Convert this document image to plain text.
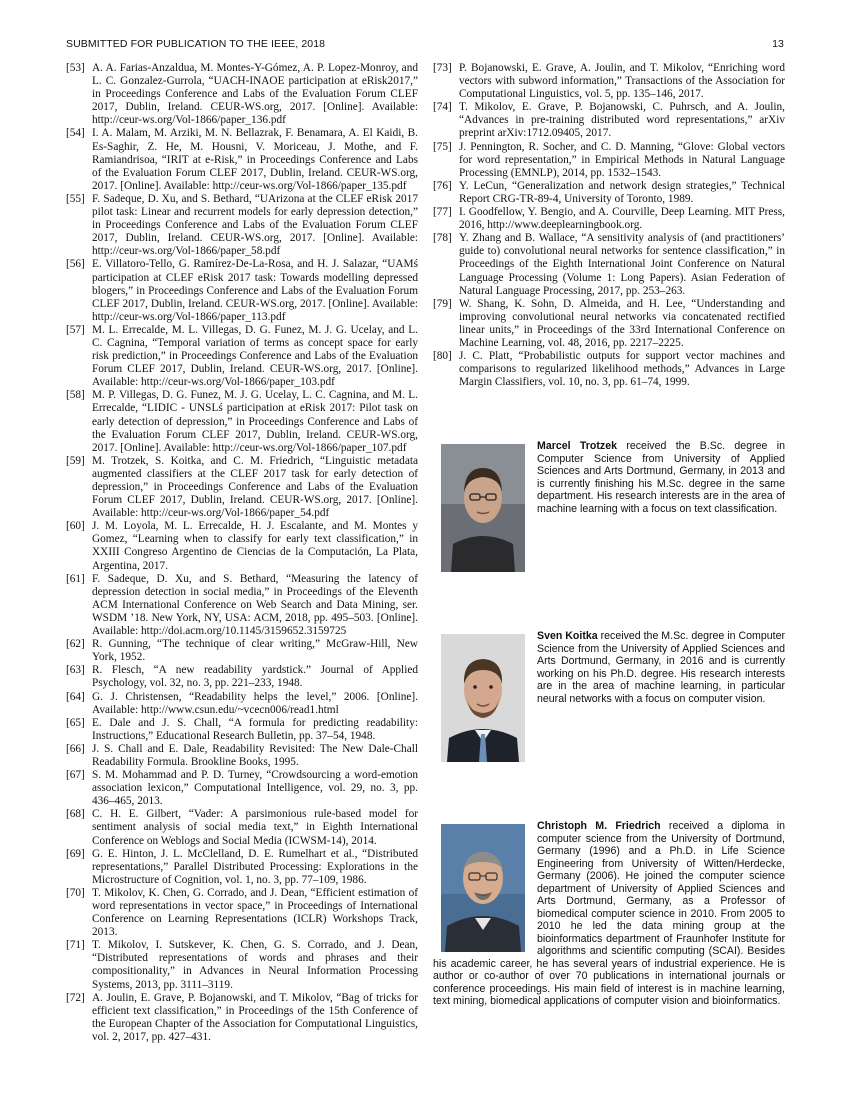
SUBMITTED FOR PUBLICATION TO THE IEEE, 2018	13
[53] A. A. Farias-Anzaldua, M. Montes-Y-Gómez, A. P. Lopez-Monroy, and L. C. Gonzalez-Gurrola, “UACH-INAOE participation at eRisk2017,” in Proceedings Conference and Labs of the Evaluation Forum CLEF 2017, Dublin, Ireland. CEUR-WS.org, 2017. [Online]. Available: http://ceur-ws.org/Vol-1866/paper_136.pdf
[54] I. A. Malam, M. Arziki, M. N. Bellazrak, F. Benamara, A. El Kaidi, B. Es-Saghir, Z. He, M. Housni, V. Moriceau, J. Mothe, and F. Ramiandrisoa, “IRIT at e-Risk,” in Proceedings Conference and Labs of the Evaluation Forum CLEF 2017, Dublin, Ireland. CEUR-WS.org, 2017. [Online]. Available: http://ceur-ws.org/Vol-1866/paper_135.pdf
[55] F. Sadeque, D. Xu, and S. Bethard, “UArizona at the CLEF eRisk 2017 pilot task: Linear and recurrent models for early depression detection,” in Proceedings Conference and Labs of the Evaluation Forum CLEF 2017, Dublin, Ireland. CEUR-WS.org, 2017. [Online]. Available: http://ceur-ws.org/Vol-1866/paper_58.pdf
[56] E. Villatoro-Tello, G. Ramírez-De-La-Rosa, and H. J. Salazar, “UAMś participation at CLEF eRisk 2017 task: Towards modelling depressed blogers,” in Proceedings Conference and Labs of the Evaluation Forum CLEF 2017, Dublin, Ireland. CEUR-WS.org, 2017. [Online]. Available: http://ceur-ws.org/Vol-1866/paper_113.pdf
[57] M. L. Errecalde, M. L. Villegas, D. G. Funez, M. J. G. Ucelay, and L. C. Cagnina, “Temporal variation of terms as concept space for early risk prediction,” in Proceedings Conference and Labs of the Evaluation Forum CLEF 2017, Dublin, Ireland. CEUR-WS.org, 2017. [Online]. Available: http://ceur-ws.org/Vol-1866/paper_103.pdf
[58] M. P. Villegas, D. G. Funez, M. J. G. Ucelay, L. C. Cagnina, and M. L. Errecalde, “LIDIC - UNSLś participation at eRisk 2017: Pilot task on early detection of depression,” in Proceedings Conference and Labs of the Evaluation Forum CLEF 2017, Dublin, Ireland. CEUR-WS.org, 2017. [Online]. Available: http://ceur-ws.org/Vol-1866/paper_107.pdf
[59] M. Trotzek, S. Koitka, and C. M. Friedrich, “Linguistic metadata augmented classifiers at the CLEF 2017 task for early detection of depression,” in Proceedings Conference and Labs of the Evaluation Forum CLEF 2017, Dublin, Ireland. CEUR-WS.org, 2017. [Online]. Available: http://ceur-ws.org/Vol-1866/paper_54.pdf
[60] J. M. Loyola, M. L. Errecalde, H. J. Escalante, and M. Montes y Gomez, “Learning when to classify for early text classification,” in XXIII Congreso Argentino de Ciencias de la Computación, La Plata, Argentina, 2017.
[61] F. Sadeque, D. Xu, and S. Bethard, “Measuring the latency of depression detection in social media,” in Proceedings of the Eleventh ACM International Conference on Web Search and Data Mining, ser. WSDM ’18. New York, NY, USA: ACM, 2018, pp. 495–503. [Online]. Available: http://doi.acm.org/10.1145/3159652.3159725
[62] R. Gunning, “The technique of clear writing,” McGraw-Hill, New York, 1952.
[63] R. Flesch, “A new readability yardstick.” Journal of Applied Psychology, vol. 32, no. 3, pp. 221–233, 1948.
[64] G. J. Christensen, “Readability helps the level,” 2006. [Online]. Available: http://www.csun.edu/~vcecn006/read1.html
[65] E. Dale and J. S. Chall, “A formula for predicting readability: Instructions,” Educational Research Bulletin, pp. 37–54, 1948.
[66] J. S. Chall and E. Dale, Readability Revisited: The New Dale-Chall Readability Formula. Brookline Books, 1995.
[67] S. M. Mohammad and P. D. Turney, “Crowdsourcing a word-emotion association lexicon,” Computational Intelligence, vol. 29, no. 3, pp. 436–465, 2013.
[68] C. H. E. Gilbert, “Vader: A parsimonious rule-based model for sentiment analysis of social media text,” in Eighth International Conference on Weblogs and Social Media (ICWSM-14), 2014.
[69] G. E. Hinton, J. L. McClelland, D. E. Rumelhart et al., “Distributed representations,” Parallel Distributed Processing: Explorations in the Microstructure of Cognition, vol. 1, no. 3, pp. 77–109, 1986.
[70] T. Mikolov, K. Chen, G. Corrado, and J. Dean, “Efficient estimation of word representations in vector space,” in Proceedings of International Conference on Learning Representations (ICLR) Workshops Track, 2013.
[71] T. Mikolov, I. Sutskever, K. Chen, G. S. Corrado, and J. Dean, “Distributed representations of words and phrases and their compositionality,” in Advances in Neural Information Processing Systems, 2013, pp. 3111–3119.
[72] A. Joulin, E. Grave, P. Bojanowski, and T. Mikolov, “Bag of tricks for efficient text classification,” in Proceedings of the 15th Conference of the European Chapter of the Association for Computational Linguistics, vol. 2, 2017, pp. 427–431.
[73] P. Bojanowski, E. Grave, A. Joulin, and T. Mikolov, “Enriching word vectors with subword information,” Transactions of the Association for Computational Linguistics, vol. 5, pp. 135–146, 2017.
[74] T. Mikolov, E. Grave, P. Bojanowski, C. Puhrsch, and A. Joulin, “Advances in pre-training distributed word representations,” arXiv preprint arXiv:1712.09405, 2017.
[75] J. Pennington, R. Socher, and C. D. Manning, “Glove: Global vectors for word representation,” in Empirical Methods in Natural Language Processing (EMNLP), 2014, pp. 1532–1543.
[76] Y. LeCun, “Generalization and network design strategies,” Technical Report CRG-TR-89-4, University of Toronto, 1989.
[77] I. Goodfellow, Y. Bengio, and A. Courville, Deep Learning. MIT Press, 2016, http://www.deeplearningbook.org.
[78] Y. Zhang and B. Wallace, “A sensitivity analysis of (and practitioners’ guide to) convolutional neural networks for sentence classification,” in Proceedings of the Eighth International Joint Conference on Natural Language Processing (Volume 1: Long Papers). Asian Federation of Natural Language Processing, 2017, pp. 253–263.
[79] W. Shang, K. Sohn, D. Almeida, and H. Lee, “Understanding and improving convolutional neural networks via concatenated rectified linear units,” in Proceedings of the 33rd International Conference on Machine Learning, vol. 48, 2016, pp. 2217–2225.
[80] J. C. Platt, “Probabilistic outputs for support vector machines and comparisons to regularized likelihood methods,” Advances in Large Margin Classifiers, vol. 10, no. 3, pp. 61–74, 1999.
Marcel Trotzek received the B.Sc. degree in Computer Science from University of Applied Sciences and Arts Dortmund, Germany, in 2013 and is currently finishing his M.Sc. degree in the same department. His research interests are in the area of machine learning with a focus on text classification.
Sven Koitka received the M.Sc. degree in Computer Science from the University of Applied Sciences and Arts Dortmund, Germany, in 2016 and is currently working on his Ph.D. degree. His research interests are in the area of machine learning, in particular neural networks with a focus on computer vision.
Christoph M. Friedrich received a diploma in computer science from the University of Dortmund, Germany (1996) and a Ph.D. in Life Science Engineering from University of Witten/Herdecke, Germany (2006). He joined the computer science department of University of Applied Sciences and Arts Dortmund, Germany, as a Professor of biomedical computer science in 2010. From 2005 to 2010 he led the data mining group at the bioinformatics department of Fraunhofer Institute for algorithms and scientific computing (SCAI). Besides his academic career, he has several years of industrial experience. He is author or co-author of over 70 publications in international journals or conference proceedings. His main field of interest is in machine learning, text mining, biomedical applications of computer vision and bioinformatics.
